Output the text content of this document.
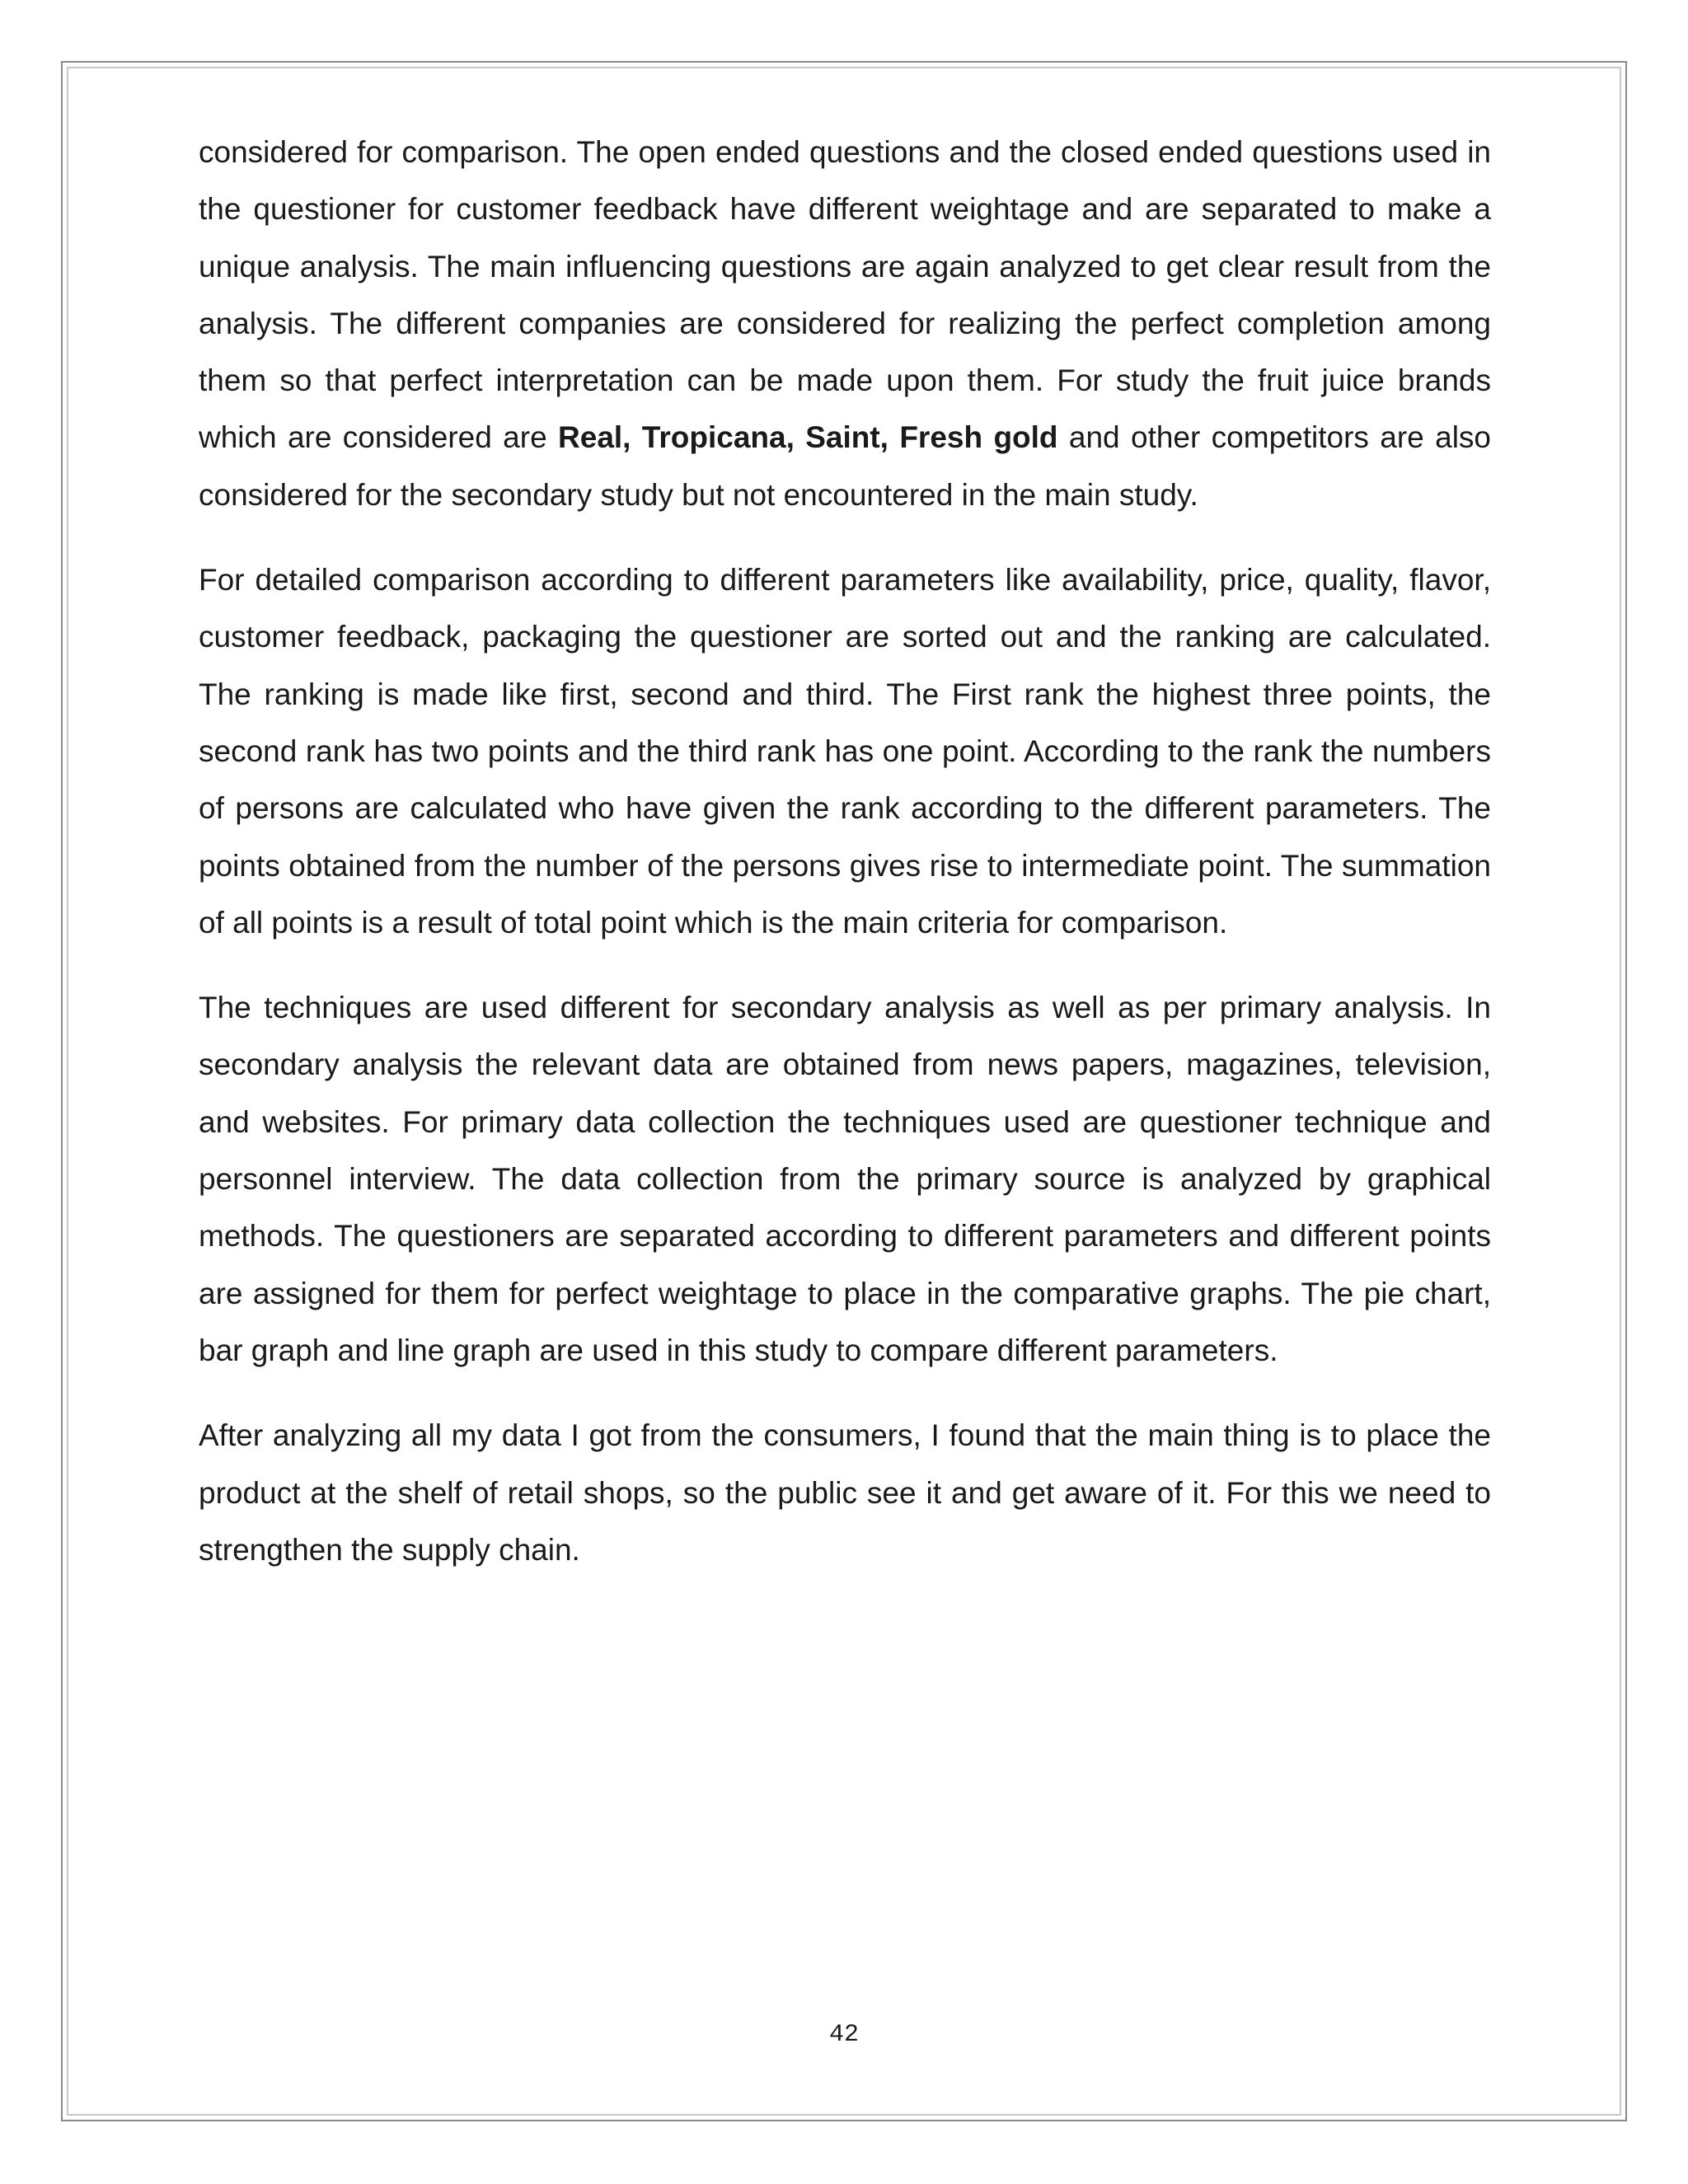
considered for comparison. The open ended questions and the closed ended questions used in the questioner for customer feedback have different weightage and are separated to make a unique analysis. The main influencing questions are again analyzed to get clear result from the analysis. The different companies are considered for realizing the perfect completion among them so that perfect interpretation can be made upon them. For study the fruit juice brands which are considered are Real, Tropicana, Saint, Fresh gold and other competitors are also considered for the secondary study but not encountered in the main study.

For detailed comparison according to different parameters like availability, price, quality, flavor, customer feedback, packaging the questioner are sorted out and the ranking are calculated. The ranking is made like first, second and third. The First rank the highest three points, the second rank has two points and the third rank has one point. According to the rank the numbers of persons are calculated who have given the rank according to the different parameters. The points obtained from the number of the persons gives rise to intermediate point. The summation of all points is a result of total point which is the main criteria for comparison.

The techniques are used different for secondary analysis as well as per primary analysis. In secondary analysis the relevant data are obtained from news papers, magazines, television, and websites. For primary data collection the techniques used are questioner technique and personnel interview. The data collection from the primary source is analyzed by graphical methods. The questioners are separated according to different parameters and different points are assigned for them for perfect weightage to place in the comparative graphs. The pie chart, bar graph and line graph are used in this study to compare different parameters.

After analyzing all my data I got from the consumers, I found that the main thing is to place the product at the shelf of retail shops, so the public see it and get aware of it. For this we need to strengthen the supply chain.

42
